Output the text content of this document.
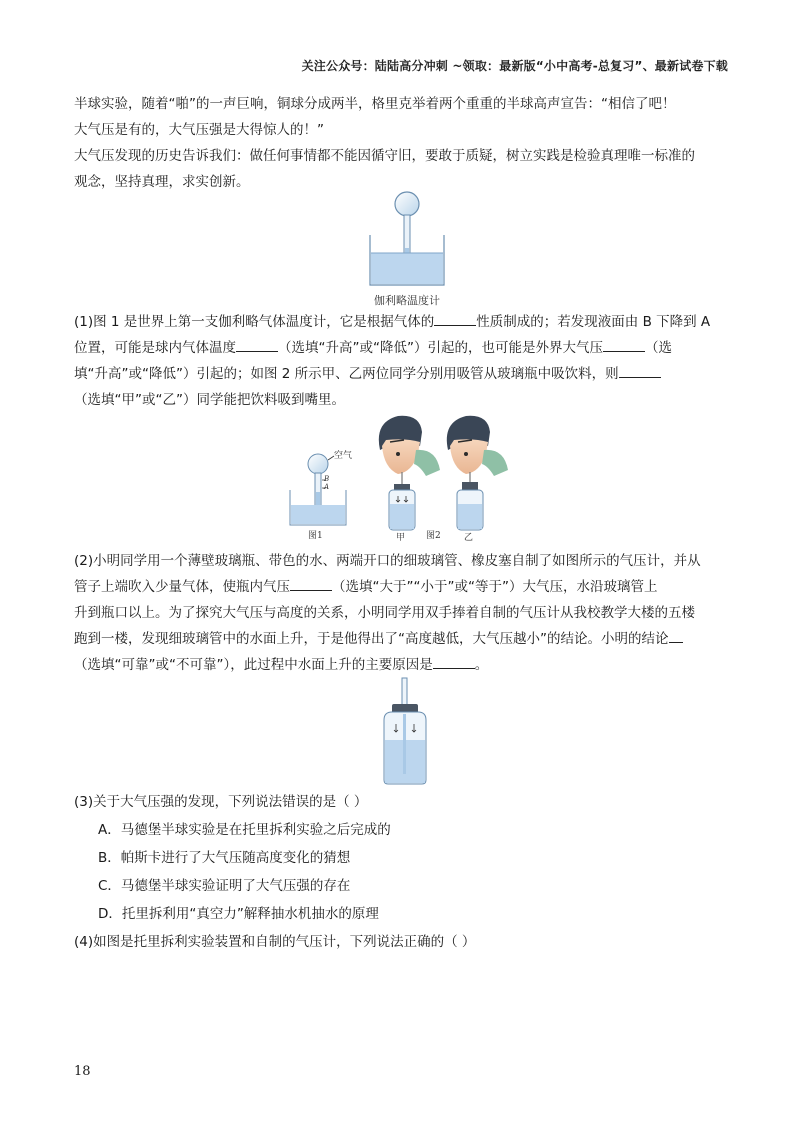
关注公众号：陆陆高分冲刺 ~领取：最新版“小中高考-总复习”、最新试卷下载

半球实验，随着“啪”的一声巨响，铜球分成两半，格里克举着两个重重的半球高声宣告：“相信了吧！

大气压是有的，大气压强是大得惊人的！”

大气压发现的历史告诉我们：做任何事情都不能因循守旧，要敢于质疑，树立实践是检验真理唯一标准的

观念，坚持真理，求实创新。

伽利略温度计

(1)图 1 是世界上第一支伽利略气体温度计，它是根据气体的	性质制成的；若发现液面由 B 下降到 A

位置，可能是球内气体温度	（选填“升高”或“降低”）引起的，也可能是外界大气压	（选

填“升高”或“降低”）引起的；如图 2 所示甲、乙两位同学分别用吸管从玻璃瓶中吸饮料，则

（选填“甲”或“乙”）同学能把饮料吸到嘴里。

空气
B
A
图1	甲 图2	乙

(2)小明同学用一个薄壁玻璃瓶、带色的水、两端开口的细玻璃管、橡皮塞自制了如图所示的气压计，并从

管子上端吹入少量气体，使瓶内气压	（选填“大于”“小于”或“等于”）大气压，水沿玻璃管上

升到瓶口以上。为了探究大气压与高度的关系，小明同学用双手捧着自制的气压计从我校教学大楼的五楼

跑到一楼，发现细玻璃管中的水面上升，于是他得出了“高度越低，大气压越小”的结论。小明的结论

（选填“可靠”或“不可靠”），此过程中水面上升的主要原因是	。

(3)关于大气压强的发现，下列说法错误的是（ ）

A．马德堡半球实验是在托里拆利实验之后完成的

B．帕斯卡进行了大气压随高度变化的猜想

C．马德堡半球实验证明了大气压强的存在

D．托里拆利用“真空力”解释抽水机抽水的原理

(4)如图是托里拆利实验装置和自制的气压计，下列说法正确的（ ）

18
